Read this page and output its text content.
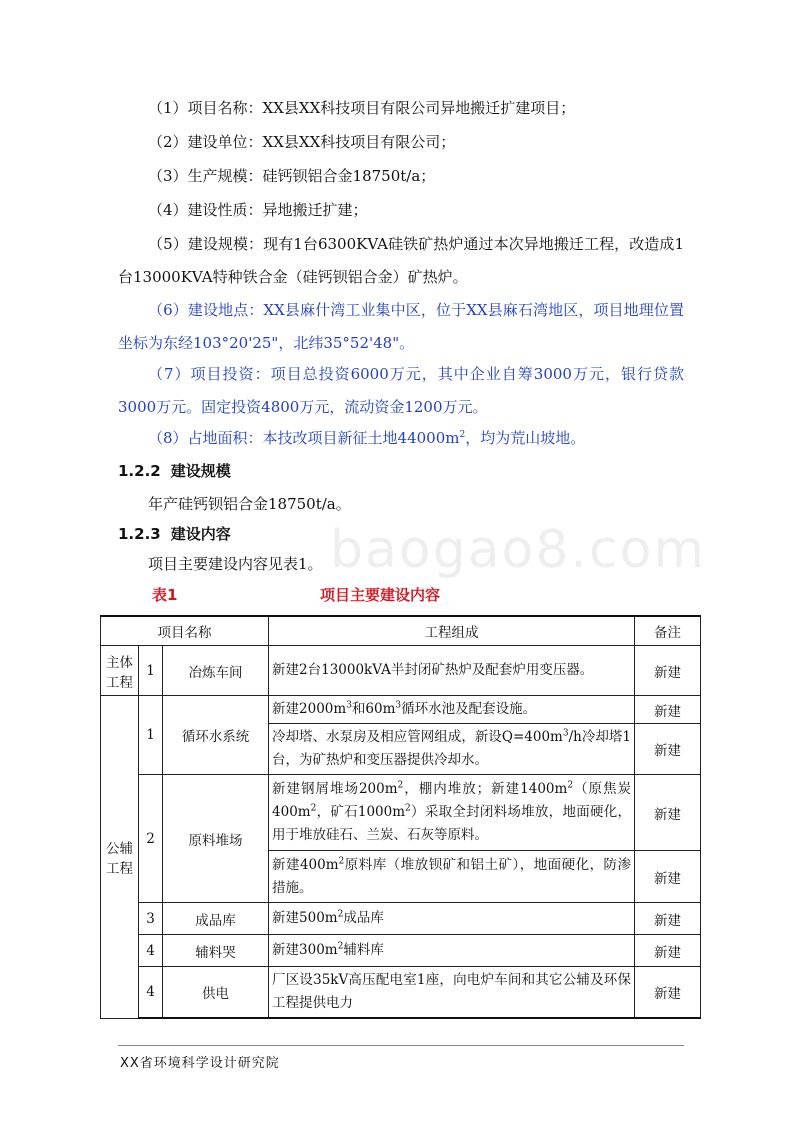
（1）项目名称：XX县XX科技项目有限公司异地搬迁扩建项目；

（2）建设单位：XX县XX科技项目有限公司；

（3）生产规模：硅钙钡铝合金18750t/a；

（4）建设性质：异地搬迁扩建；

（5）建设规模：现有1台6300KVA硅铁矿热炉通过本次异地搬迁工程，改造成1台13000KVA特种铁合金（硅钙钡铝合金）矿热炉。

（6）建设地点：XX县麻什湾工业集中区，位于XX县麻石湾地区，项目地理位置坐标为东经103°20'25"，北纬35°52'48"。

（7）项目投资：项目总投资6000万元，其中企业自筹3000万元，银行贷款3000万元。固定投资4800万元，流动资金1200万元。

（8）占地面积：本技改项目新征土地$44000m^2$，均为荒山坡地。

1.2.2 建设规模

年产硅钙钡铝合金18750t/a。

1.2.3 建设内容

项目主要建设内容见表1。 baogao8.com
表1	项目主要建设内容
项目名称			工程组成	备注
主体工程	1	冶炼车间	新建2台13000kVA半封闭矿热炉及配套炉用变压器。	新建
公辅工程	1	循环水系统	新建$2000m^3$和$60m^3$循环水池及配套设施。	新建
			冷却塔、水泵房及相应管网组成，新设$Q=400m^3/h$冷却塔1台，为矿热炉和变压器提供冷却水。	新建
	2	原料堆场	新建钢屑堆场$200m^2$，棚内堆放；新建$1400m^2$（原焦炭$400m^2$，矿石$1000m^2$）采取全封闭料场堆放，地面硬化，用于堆放硅石、兰炭、石灰等原料。	新建
			新建$400m^2$原料库（堆放钡矿和铝土矿），地面硬化，防渗措施。	新建
	3	成品库	新建$500m^2$成品库	新建
	4	辅料哭	新建$300m^2$辅料库	新建
	4	供电	厂区设35kV高压配电室1座，向电炉车间和其它公辅及环保工程提供电力	新建
XX省环境科学设计研究院
